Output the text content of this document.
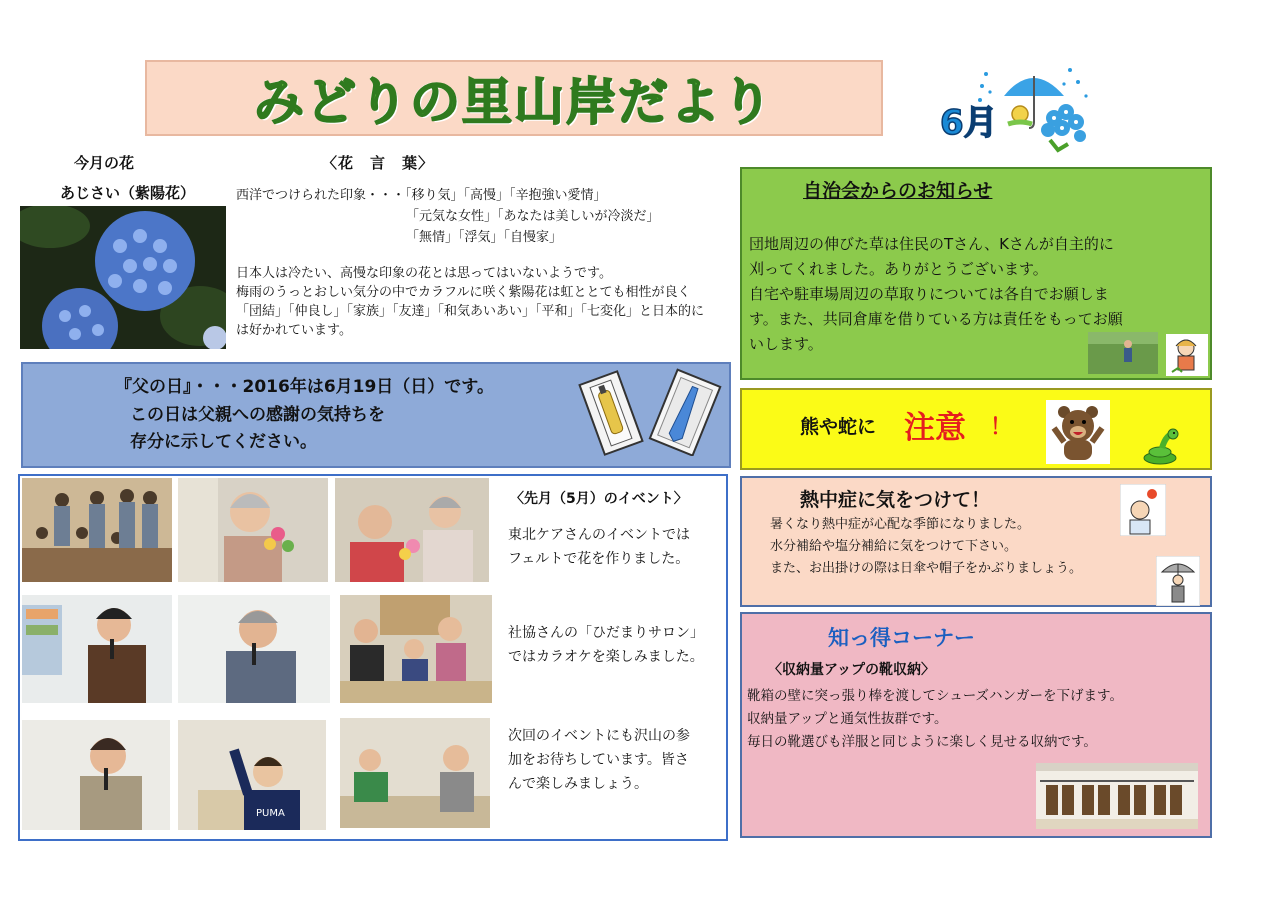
みどりの里山岸だより	6月
今月の花
あじさい（紫陽花）
〈花　言　葉〉
西洋でつけられた印象・・・「移り気」「高慢」「辛抱強い愛情」
「元気な女性」「あなたは美しいが冷淡だ」
「無情」「浮気」「自慢家」
日本人は冷たい、高慢な印象の花とは思ってはいないようです。
梅雨のうっとおしい気分の中でカラフルに咲く紫陽花は虹ととても相性が良く
「団結」「仲良し」「家族」「友達」「和気あいあい」「平和」「七変化」と日本的に
は好かれています。
『父の日』・・・2016年は6月19日（日）です。
この日は父親への感謝の気持ちを
存分に示してください。
PUMA
〈先月（5月）のイベント〉
東北ケアさんのイベントでは
フェルトで花を作りました。
社協さんの「ひだまりサロン」
ではカラオケを楽しみました。
次回のイベントにも沢山の参
加をお待ちしています。皆さ
んで楽しみましょう。
自治会からのお知らせ
団地周辺の伸びた草は住民のTさん、Kさんが自主的に
刈ってくれました。ありがとうございます。
自宅や駐車場周辺の草取りについては各自でお願しま
す。また、共同倉庫を借りている方は責任をもってお願
いします。
熊や蛇に 注意 ！
熱中症に気をつけて！
暑くなり熱中症が心配な季節になりました。
水分補給や塩分補給に気をつけて下さい。
また、お出掛けの際は日傘や帽子をかぶりましょう。
知っ得コーナー
〈収納量アップの靴収納〉
靴箱の壁に突っ張り棒を渡してシューズハンガーを下げます。
収納量アップと通気性抜群です。
毎日の靴選びも洋服と同じように楽しく見せる収納です。
